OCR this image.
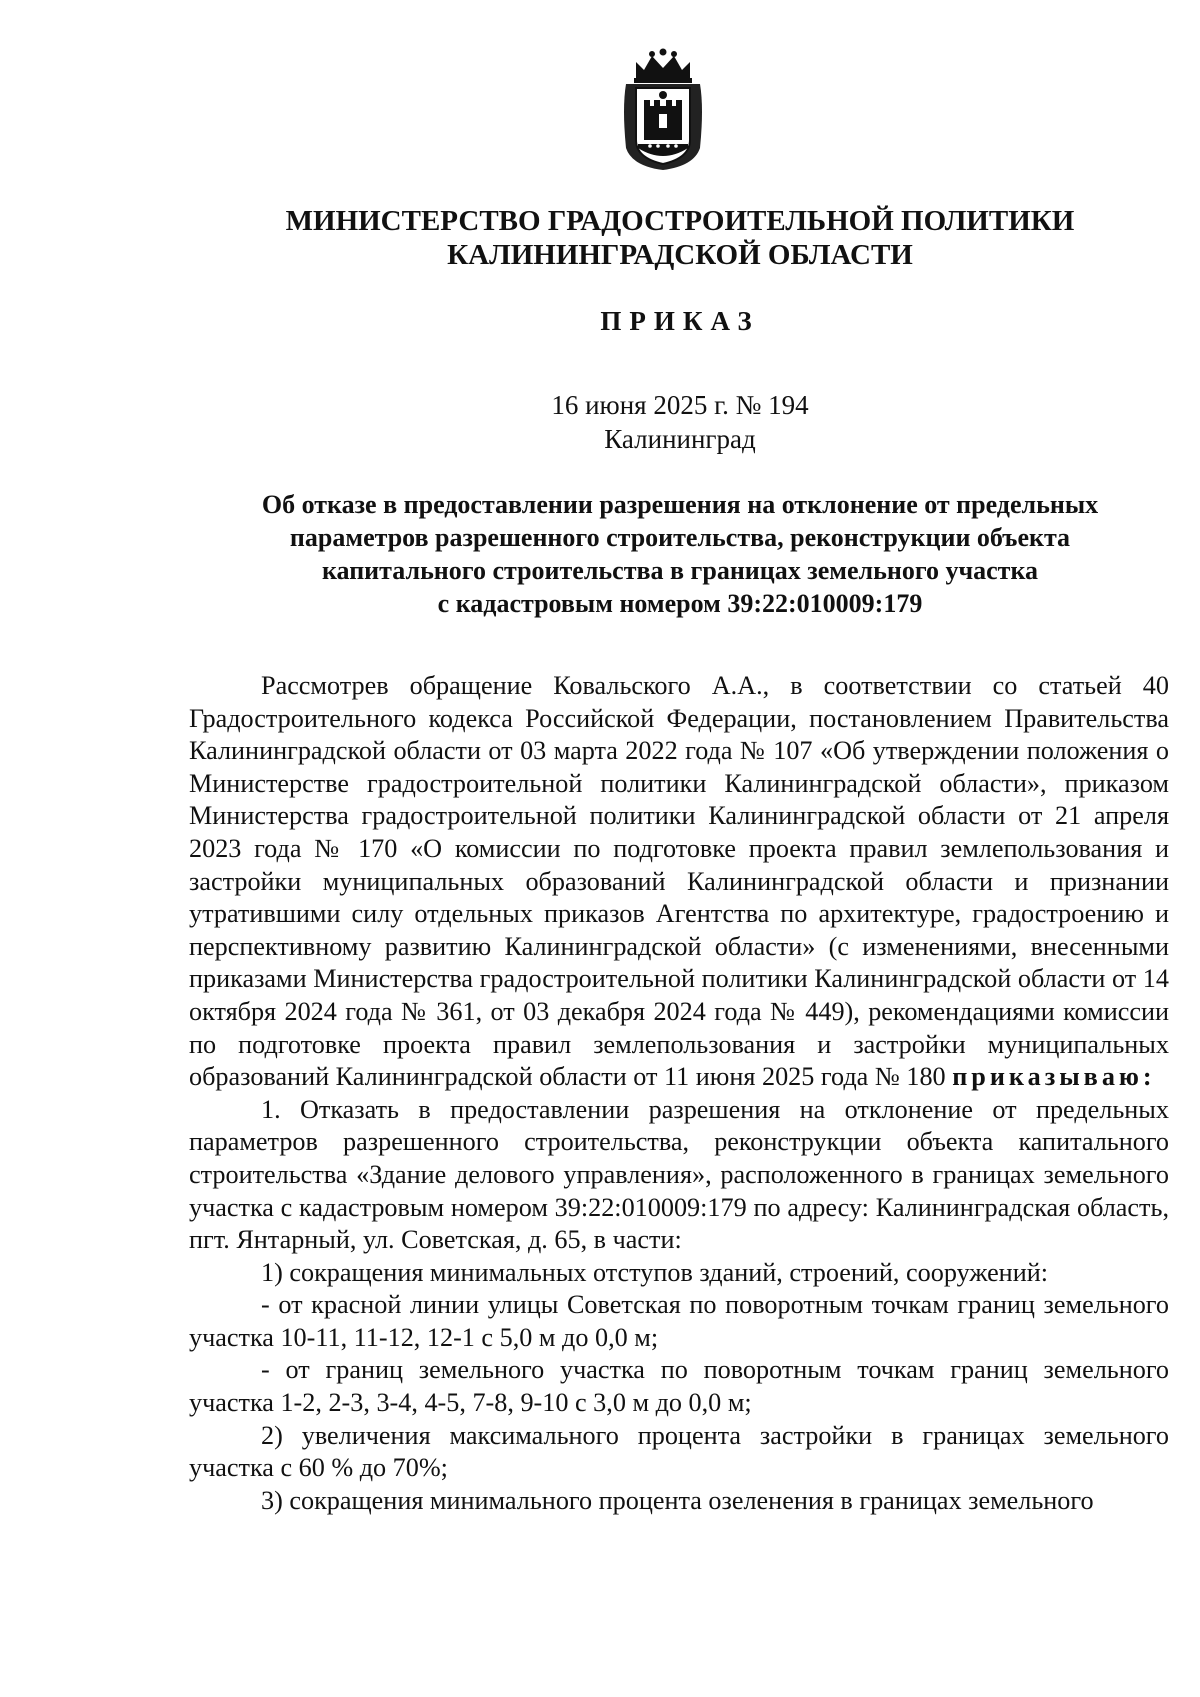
МИНИСТЕРСТВО ГРАДОСТРОИТЕЛЬНОЙ ПОЛИТИКИ
КАЛИНИНГРАДСКОЙ ОБЛАСТИ
ПРИКАЗ
16 июня 2025 г. № 194
Калининград
Об отказе в предоставлении разрешения на отклонение от предельных
параметров разрешенного строительства, реконструкции объекта
капитального строительства в границах земельного участка
с кадастровым номером 39:22:010009:179

Рассмотрев обращение Ковальского А.А., в соответствии со статьей 40 Градостроительного кодекса Российской Федерации, постановлением Правительства Калининградской области от 03 марта 2022 года № 107 «Об утверждении положения о Министерстве градостроительной политики Калининградской области», приказом Министерства градостроительной политики Калининградской области от 21 апреля 2023 года № 170 «О комиссии по подготовке проекта правил землепользования и застройки муниципальных образований Калининградской области и признании утратившими силу отдельных приказов Агентства по архитектуре, градостроению и перспективному развитию Калининградской области» (с изменениями, внесенными приказами Министерства градостроительной политики Калининградской области от 14 октября 2024 года № 361, от 03 декабря 2024 года № 449), рекомендациями комиссии по подготовке проекта правил землепользования и застройки муниципальных образований Калининградской области от 11 июня 2025 года № 180 приказываю:

1. Отказать в предоставлении разрешения на отклонение от предельных параметров разрешенного строительства, реконструкции объекта капитального строительства «Здание делового управления», расположенного в границах земельного участка с кадастровым номером 39:22:010009:179 по адресу: Калининградская область, пгт. Янтарный, ул. Советская, д. 65, в части:

1) сокращения минимальных отступов зданий, строений, сооружений:

- от красной линии улицы Советская по поворотным точкам границ земельного участка 10-11, 11-12, 12-1 с 5,0 м до 0,0 м;

- от границ земельного участка по поворотным точкам границ земельного участка 1-2, 2-3, 3-4, 4-5, 7-8, 9-10 с 3,0 м до 0,0 м;

2) увеличения максимального процента застройки в границах земельного участка с 60 % до 70%;

3) сокращения минимального процента озеленения в границах земельного
